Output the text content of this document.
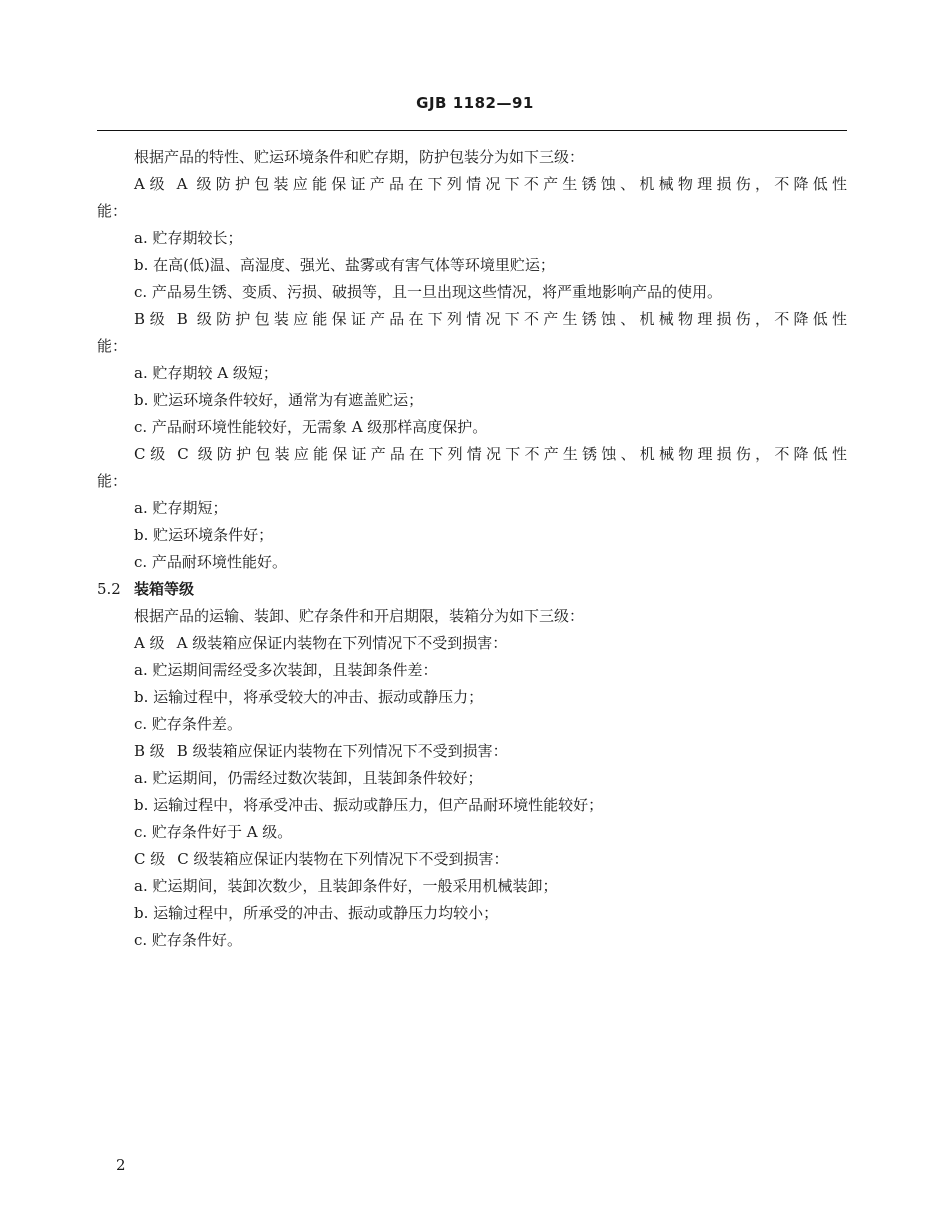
GJB 1182—91
根据产品的特性、贮运环境条件和贮存期，防护包装分为如下三级：
A 级 A 级防护包装应能保证产品在下列情况下不产生锈蚀、机械物理损伤，不降低性
能：
a. 贮存期较长；
b. 在高(低)温、高湿度、强光、盐雾或有害气体等环境里贮运；
c. 产品易生锈、变质、污损、破损等，且一旦出现这些情况，将严重地影响产品的使用。
B 级 B 级防护包装应能保证产品在下列情况下不产生锈蚀、机械物理损伤，不降低性
能：
a. 贮存期较 A 级短；
b. 贮运环境条件较好，通常为有遮盖贮运；
c. 产品耐环境性能较好，无需象 A 级那样高度保护。
C 级 C 级防护包装应能保证产品在下列情况下不产生锈蚀、机械物理损伤，不降低性
能：
a. 贮存期短；
b. 贮运环境条件好；
c. 产品耐环境性能好。
5.2 装箱等级
根据产品的运输、装卸、贮存条件和开启期限，装箱分为如下三级：
A 级 A 级装箱应保证内装物在下列情况下不受到损害：
a. 贮运期间需经受多次装卸，且装卸条件差：
b. 运输过程中，将承受较大的冲击、振动或静压力；
c. 贮存条件差。
B 级 B 级装箱应保证内装物在下列情况下不受到损害：
a. 贮运期间，仍需经过数次装卸，且装卸条件较好；
b. 运输过程中，将承受冲击、振动或静压力，但产品耐环境性能较好；
c. 贮存条件好于 A 级。
C 级 C 级装箱应保证内装物在下列情况下不受到损害：
a. 贮运期间，装卸次数少，且装卸条件好，一般采用机械装卸；
b. 运输过程中，所承受的冲击、振动或静压力均较小；
c. 贮存条件好。
2
